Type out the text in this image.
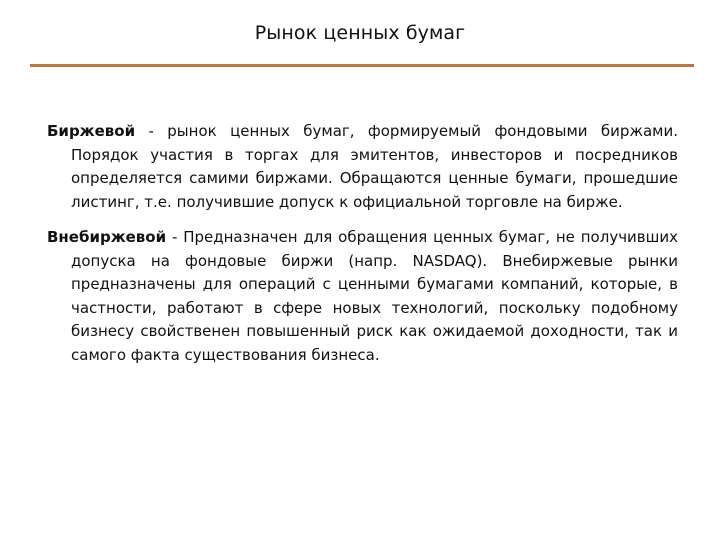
Рынок ценных бумаг

Биржевой - рынок ценных бумаг, формируемый фондовыми биржами. Порядок участия в торгах для эмитентов, инвесторов и посредников определяется самими биржами. Обращаются ценные бумаги, прошедшие листинг, т.е. получившие допуск к официальной торговле на бирже.

Внебиржевой - Предназначен для обращения ценных бумаг, не получивших допуска на фондовые биржи (напр. NASDAQ). Внебиржевые рынки предназначены для операций с ценными бумагами компаний, которые, в частности, работают в сфере новых технологий, поскольку подобному бизнесу свойственен повышенный риск как ожидаемой доходности, так и самого факта существования бизнеса.
